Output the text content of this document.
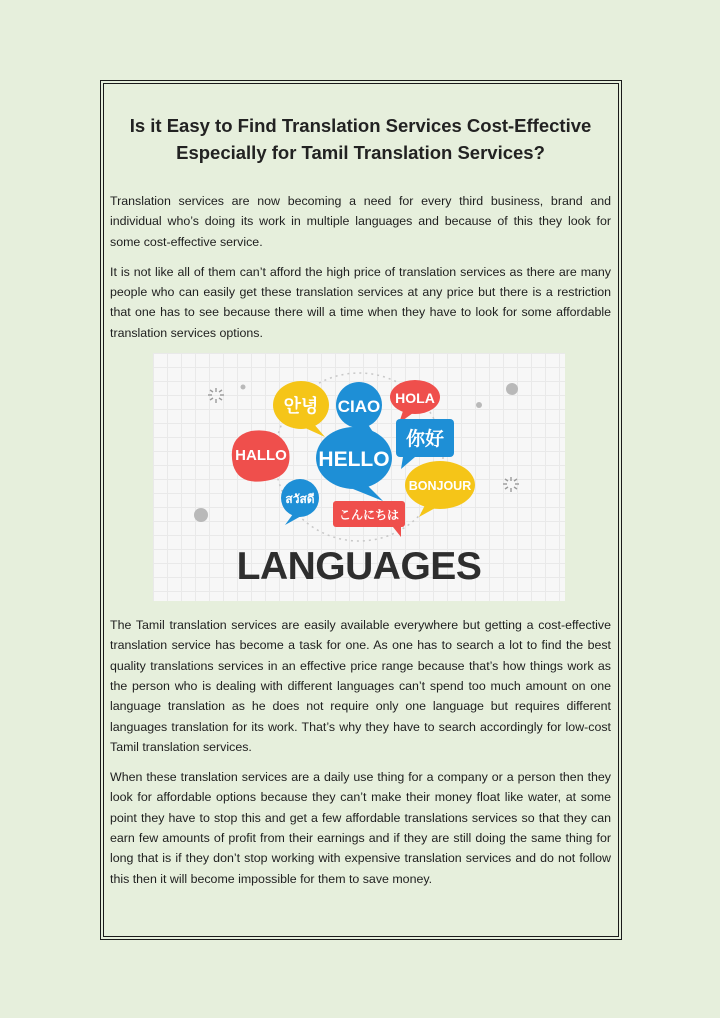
Is it Easy to Find Translation Services Cost-Effective
Especially for Tamil Translation Services?

Translation services are now becoming a need for every third business, brand and individual who’s doing its work in multiple languages and because of this they look for some cost-effective service.

It is not like all of them can’t afford the high price of translation services as there are many people who can easily get these translation services at any price but there is a restriction that one has to see because there will a time when they have to look for some affordable translation services options.

안녕 CIAO HOLA
你好
HALLO HELLO
BONJOUR
สวัสดี
こんにちは
LANGUAGES

The Tamil translation services are easily available everywhere but getting a cost-effective translation service has become a task for one. As one has to search a lot to find the best quality translations services in an effective price range because that’s how things work as the person who is dealing with different languages can’t spend too much amount on one language translation as he does not require only one language but requires different languages translation for its work. That’s why they have to search accordingly for low-cost Tamil translation services.

When these translation services are a daily use thing for a company or a person then they look for affordable options because they can’t make their money float like water, at some point they have to stop this and get a few affordable translations services so that they can earn few amounts of profit from their earnings and if they are still doing the same thing for long that is if they don’t stop working with expensive translation services and do not follow this then it will become impossible for them to save money.
